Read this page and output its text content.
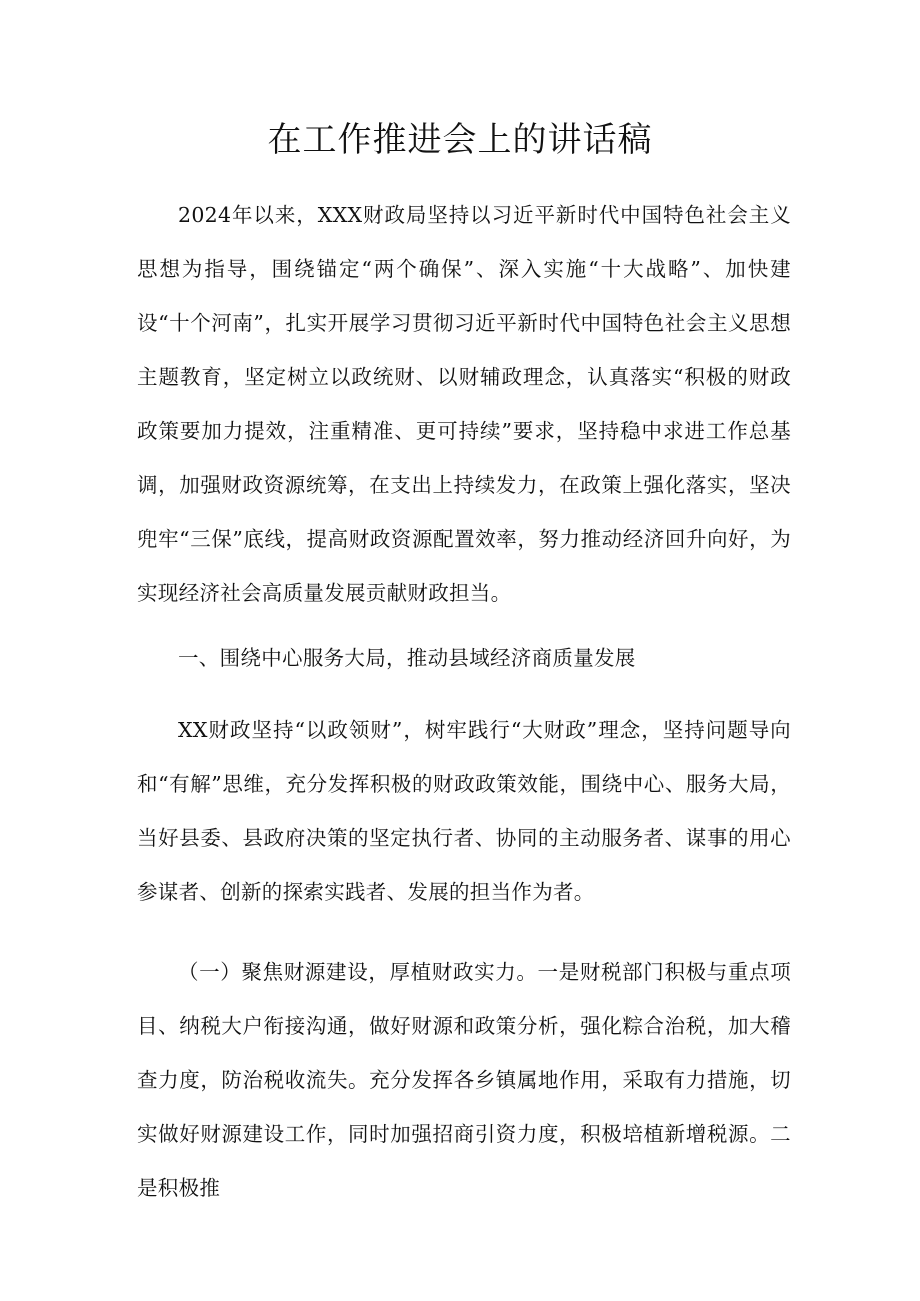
在工作推进会上的讲话稿

2024年以来，XXX财政局坚持以习近平新时代中国特色社会主义思想为指导，围绕锚定“两个确保”、深入实施“十大战略”、加快建设“十个河南”，扎实开展学习贯彻习近平新时代中国特色社会主义思想主题教育，坚定树立以政统财、以财辅政理念，认真落实“积极的财政政策要加力提效，注重精准、更可持续”要求，坚持稳中求进工作总基调，加强财政资源统筹，在支出上持续发力，在政策上强化落实，坚决兜牢“三保”底线，提高财政资源配置效率，努力推动经济回升向好，为实现经济社会高质量发展贡献财政担当。

一、围绕中心服务大局，推动县域经济商质量发展

XX财政坚持“以政领财”，树牢践行“大财政”理念，坚持问题导向和“有解”思维，充分发挥积极的财政政策效能，围绕中心、服务大局，当好县委、县政府决策的坚定执行者、协同的主动服务者、谋事的用心参谋者、创新的探索实践者、发展的担当作为者。

（一）聚焦财源建设，厚植财政实力。一是财税部门积极与重点项目、纳税大户衔接沟通，做好财源和政策分析，强化粽合治税，加大稽查力度，防治税收流失。充分发挥各乡镇属地作用，采取有力措施，切实做好财源建设工作，同时加强招商引资力度，积极培植新增税源。二是积极推
